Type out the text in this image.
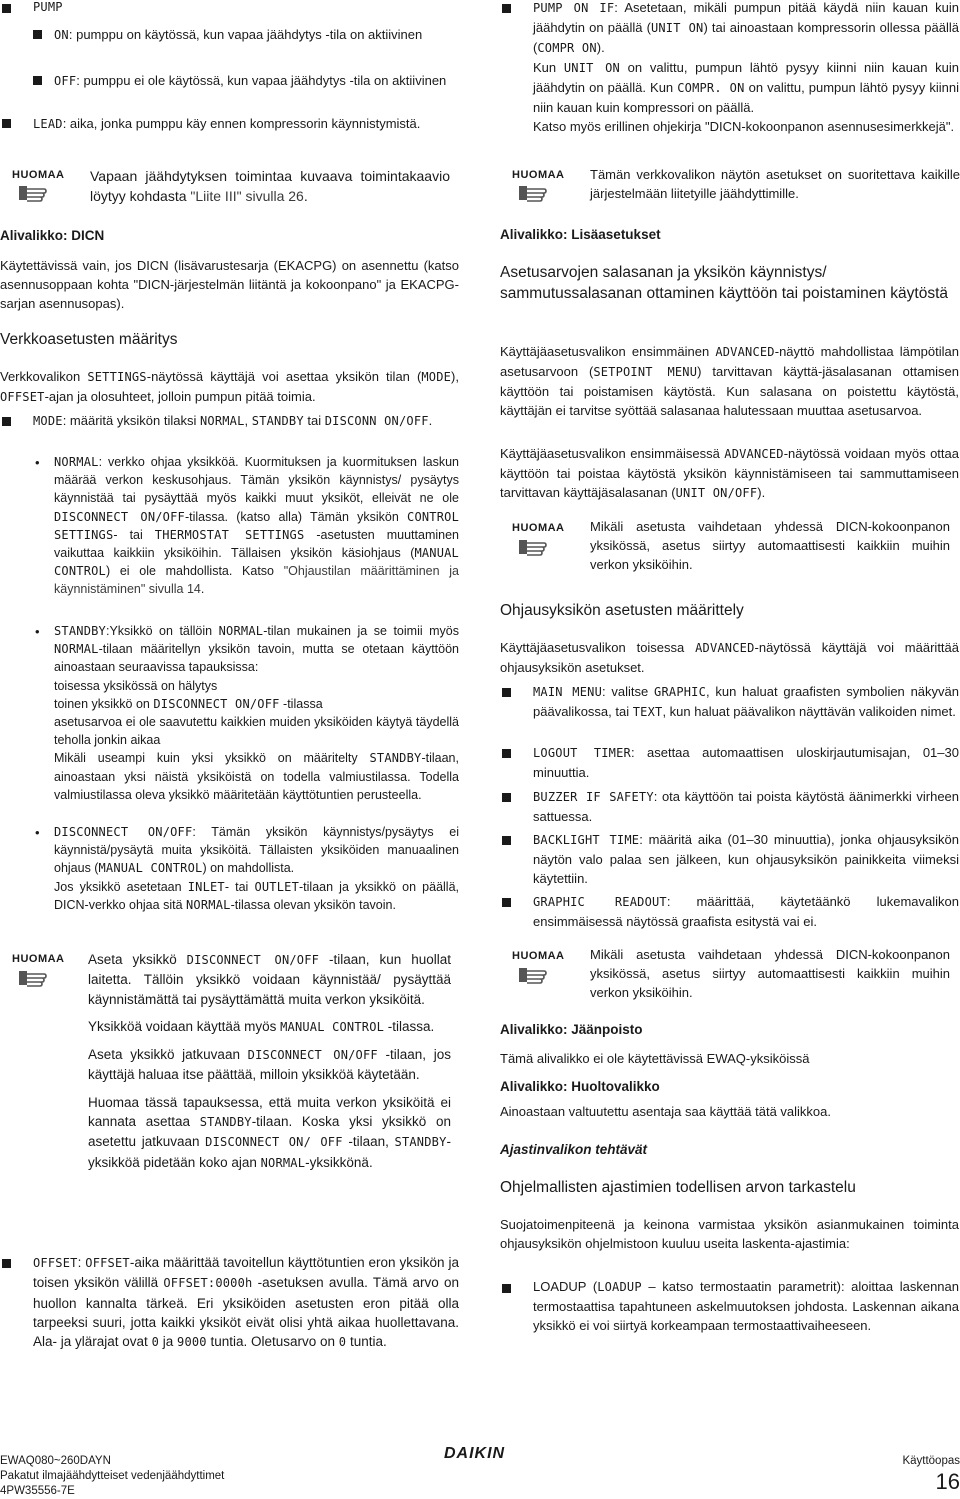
PUMP

ON: pumppu on käytössä, kun vapaa jäähdytys -tila on aktiivinen

OFF: pumppu ei ole käytössä, kun vapaa jäähdytys -tila on aktiivinen

LEAD: aika, jonka pumppu käy ennen kompressorin käynnistymistä.

HUOMAA Vapaan jäähdytyksen toimintaa kuvaava toimintakaavio löytyy kohdasta "Liite III" sivulla 26.

Alivalikko: DICN

Käytettävissä vain, jos DICN (lisävarustesarja (EKACPG) on asennettu (katso asennusoppaan kohta "DICN-järjestelmän liitäntä ja kokoonpano" ja EKACPG-sarjan asennusopas).

Verkkoasetusten määritys

Verkkovalikon SETTINGS-näytössä käyttäjä voi asettaa yksikön tilan (MODE), OFFSET-ajan ja olosuhteet, jolloin pumpun pitää toimia.

MODE: määritä yksikön tilaksi NORMAL, STANDBY tai DISCONN ON/OFF.

• NORMAL: verkko ohjaa yksikköä. Kuormituksen ja kuormituksen laskun määrää verkon keskusohjaus. Tämän yksikön käynnistys/ pysäytys käynnistää tai pysäyttää myös kaikki muut yksiköt, elleivät ne ole DISCONNECT ON/OFF-tilassa. (katso alla) Tämän yksikön CONTROL SETTINGS- tai THERMOSTAT SETTINGS -asetusten muuttaminen vaikuttaa kaikkiin yksiköihin. Tällaisen yksikön käsiohjaus (MANUAL CONTROL) ei ole mahdollista. Katso "Ohjaustilan määrittäminen ja käynnistäminen" sivulla 14.

• STANDBY:Yksikkö on tällöin NORMAL-tilan mukainen ja se toimii myös NORMAL-tilaan määritellyn yksikön tavoin, mutta se otetaan käyttöön ainoastaan seuraavissa tapauksissa:

toisessa yksikössä on hälytys

toinen yksikkö on DISCONNECT ON/OFF -tilassa

asetusarvoa ei ole saavutettu kaikkien muiden yksiköiden käytyä täydellä teholla jonkin aikaa

Mikäli useampi kuin yksi yksikkö on määritelty STANDBY-tilaan, ainoastaan yksi näistä yksiköistä on todella valmiustilassa. Todella valmiustilassa oleva yksikkö määritetään käyttötuntien perusteella.

• DISCONNECT ON/OFF: Tämän yksikön käynnistys/pysäytys ei käynnistä/pysäytä muita yksiköitä. Tällaisten yksiköiden manuaalinen ohjaus (MANUAL CONTROL) on mahdollista.

Jos yksikkö asetetaan INLET- tai OUTLET-tilaan ja yksikkö on päällä, DICN-verkko ohjaa sitä NORMAL-tilassa olevan yksikön tavoin.

HUOMAA Aseta yksikkö DISCONNECT ON/OFF -tilaan, kun huollat laitetta. Tällöin yksikkö voidaan käynnistää/ pysäyttää käynnistämättä tai pysäyttämättä muita verkon yksiköitä.

Yksikköä voidaan käyttää myös MANUAL CONTROL -tilassa.

Aseta yksikkö jatkuvaan DISCONNECT ON/OFF -tilaan, jos käyttäjä haluaa itse päättää, milloin yksikköä käytetään.

Huomaa tässä tapauksessa, että muita verkon yksiköitä ei kannata asettaa STANDBY-tilaan. Koska yksi yksikkö on asetettu jatkuvaan DISCONNECT ON/ OFF -tilaan, STANDBY-yksikköä pidetään koko ajan NORMAL-yksikkönä.

OFFSET: OFFSET-aika määrittää tavoitellun käyttötuntien eron yksikön ja toisen yksikön välillä OFFSET:0000h -asetuksen avulla. Tämä arvo on huollon kannalta tärkeä. Eri yksiköiden asetusten eron pitää olla tarpeeksi suuri, jotta kaikki yksiköt eivät olisi yhtä aikaa huollettavana. Ala- ja ylärajat ovat 0 ja 9000 tuntia. Oletusarvo on 0 tuntia.

PUMP ON IF: Asetetaan, mikäli pumpun pitää käydä niin kauan kuin jäähdytin on päällä (UNIT ON) tai ainoastaan kompressorin ollessa päällä (COMPR ON).

Kun UNIT ON on valittu, pumpun lähtö pysyy kiinni niin kauan kuin jäähdytin on päällä. Kun COMPR. ON on valittu, pumpun lähtö pysyy kiinni niin kauan kuin kompressori on päällä.

Katso myös erillinen ohjekirja "DICN-kokoonpanon asennusesimerkkejä".

HUOMAA Tämän verkkovalikon näytön asetukset on suoritettava kaikille järjestelmään liitetyille jäähdyttimille.

Alivalikko: Lisäasetukset

Asetusarvojen salasanan ja yksikön käynnistys/ sammutussalasanan ottaminen käyttöön tai poistaminen käytöstä

Käyttäjäasetusvalikon ensimmäinen ADVANCED-näyttö mahdollistaa lämpötilan asetusarvoon (SETPOINT MENU) tarvittavan käyttä-jäsalasanan ottamisen käyttöön tai poistamisen käytöstä. Kun salasana on poistettu käytöstä, käyttäjän ei tarvitse syöttää salasanaa halutessaan muuttaa asetusarvoa.

Käyttäjäasetusvalikon ensimmäisessä ADVANCED-näytössä voidaan myös ottaa käyttöön tai poistaa käytöstä yksikön käynnistämiseen tai sammuttamiseen tarvittavan käyttäjäsalasanan (UNIT ON/OFF).

HUOMAA Mikäli asetusta vaihdetaan yhdessä DICN-kokoonpanon yksikössä, asetus siirtyy automaattisesti kaikkiin muihin verkon yksiköihin.

Ohjausyksikön asetusten määrittely

Käyttäjäasetusvalikon toisessa ADVANCED-näytössä käyttäjä voi määrittää ohjausyksikön asetukset.

MAIN MENU: valitse GRAPHIC, kun haluat graafisten symbolien näkyvän päävalikossa, tai TEXT, kun haluat päävalikon näyttävän valikoiden nimet.

LOGOUT TIMER: asettaa automaattisen uloskirjautumisajan, 01–30 minuuttia.

BUZZER IF SAFETY: ota käyttöön tai poista käytöstä äänimerkki virheen sattuessa.

BACKLIGHT TIME: määritä aika (01–30 minuuttia), jonka ohjausyksikön näytön valo palaa sen jälkeen, kun ohjausyksikön painikkeita viimeksi käytettiin.

GRAPHIC READOUT: määrittää, käytetäänkö lukemavalikon ensimmäisessä näytössä graafista esitystä vai ei.

HUOMAA Mikäli asetusta vaihdetaan yhdessä DICN-kokoonpanon yksikössä, asetus siirtyy automaattisesti kaikkiin muihin verkon yksiköihin.

Alivalikko: Jäänpoisto

Tämä alivalikko ei ole käytettävissä EWAQ-yksiköissä

Alivalikko: Huoltovalikko

Ainoastaan valtuutettu asentaja saa käyttää tätä valikkoa.

Ajastinvalikon tehtävät

Ohjelmallisten ajastimien todellisen arvon tarkastelu

Suojatoimenpiteenä ja keinona varmistaa yksikön asianmukainen toiminta ohjausyksikön ohjelmistoon kuuluu useita laskenta-ajastimia:

LOADUP (LOADUP – katso termostaatin parametrit): aloittaa laskennan termostaattisa tapahtuneen askelmuutoksen johdosta. Laskennan aikana yksikkö ei voi siirtyä korkeampaan termostaattivaiheeseen.

EWAQ080~260DAYN
Pakatut ilmajäähdytteiset vedenjäähdyttimet
4PW35556-7E
DAIKIN	Käyttöopas
16
